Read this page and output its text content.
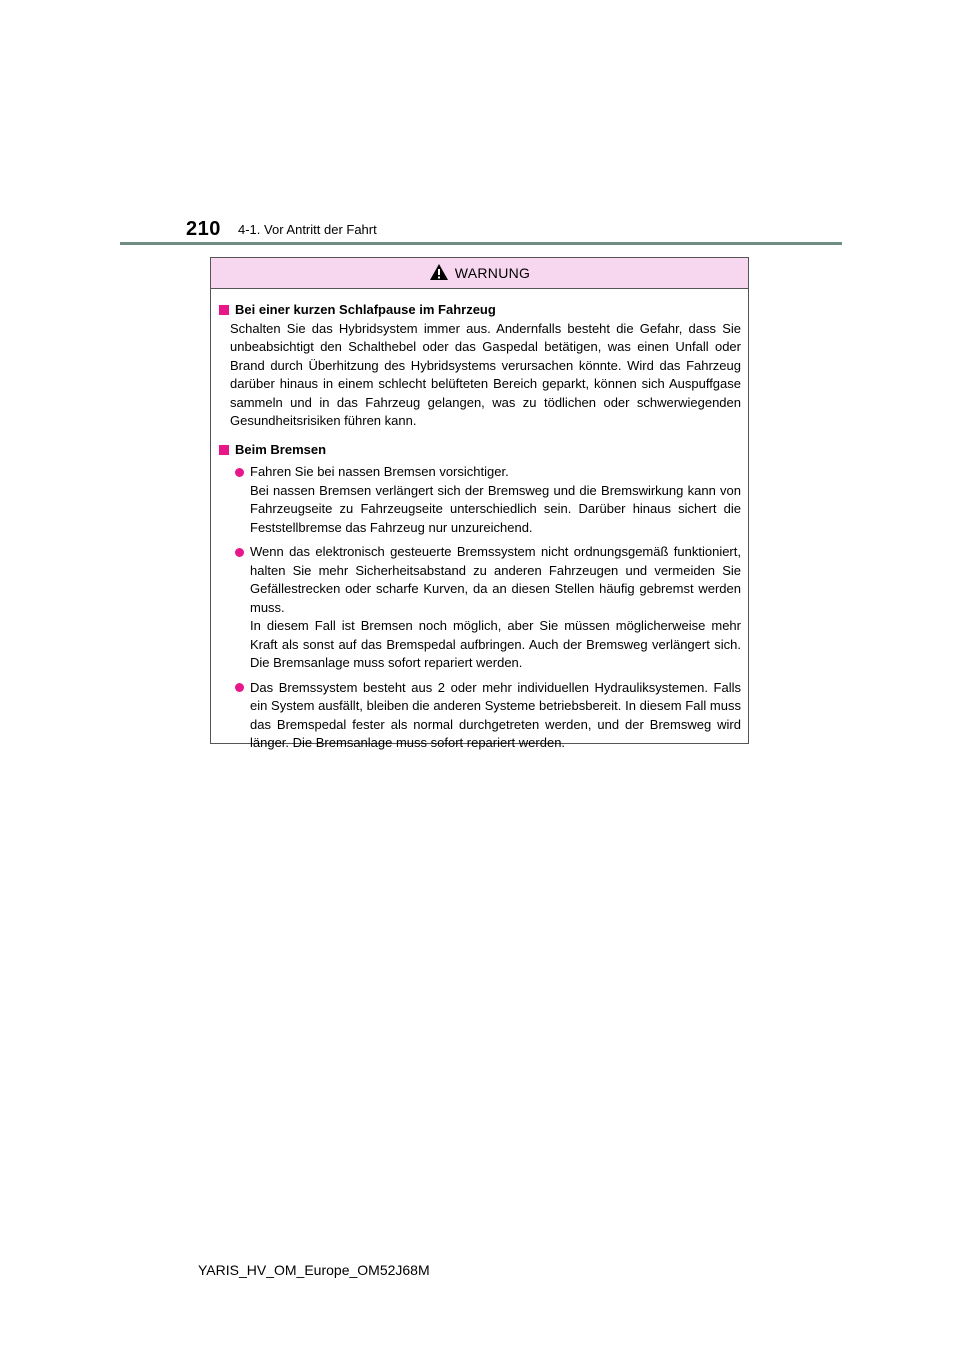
210 4-1. Vor Antritt der Fahrt
WARNUNG
Bei einer kurzen Schlafpause im Fahrzeug
Schalten Sie das Hybridsystem immer aus. Andernfalls besteht die Gefahr, dass Sie unbeabsichtigt den Schalthebel oder das Gaspedal betätigen, was einen Unfall oder Brand durch Überhitzung des Hybridsystems verursachen könnte. Wird das Fahrzeug darüber hinaus in einem schlecht belüfteten Bereich geparkt, können sich Auspuffgase sammeln und in das Fahrzeug gelangen, was zu tödlichen oder schwerwiegenden Gesundheitsrisiken führen kann.
Beim Bremsen
Fahren Sie bei nassen Bremsen vorsichtiger.
Bei nassen Bremsen verlängert sich der Bremsweg und die Bremswirkung kann von Fahrzeugseite zu Fahrzeugseite unterschiedlich sein. Darüber hinaus sichert die Feststellbremse das Fahrzeug nur unzureichend.
Wenn das elektronisch gesteuerte Bremssystem nicht ordnungsgemäß funktioniert, halten Sie mehr Sicherheitsabstand zu anderen Fahrzeugen und vermeiden Sie Gefällestrecken oder scharfe Kurven, da an diesen Stellen häufig gebremst werden muss.
In diesem Fall ist Bremsen noch möglich, aber Sie müssen möglicherweise mehr Kraft als sonst auf das Bremspedal aufbringen. Auch der Bremsweg verlängert sich. Die Bremsanlage muss sofort repariert werden.
Das Bremssystem besteht aus 2 oder mehr individuellen Hydrauliksystemen. Falls ein System ausfällt, bleiben die anderen Systeme betriebsbereit. In diesem Fall muss das Bremspedal fester als normal durchgetreten werden, und der Bremsweg wird länger. Die Bremsanlage muss sofort repariert werden.
YARIS_HV_OM_Europe_OM52J68M
